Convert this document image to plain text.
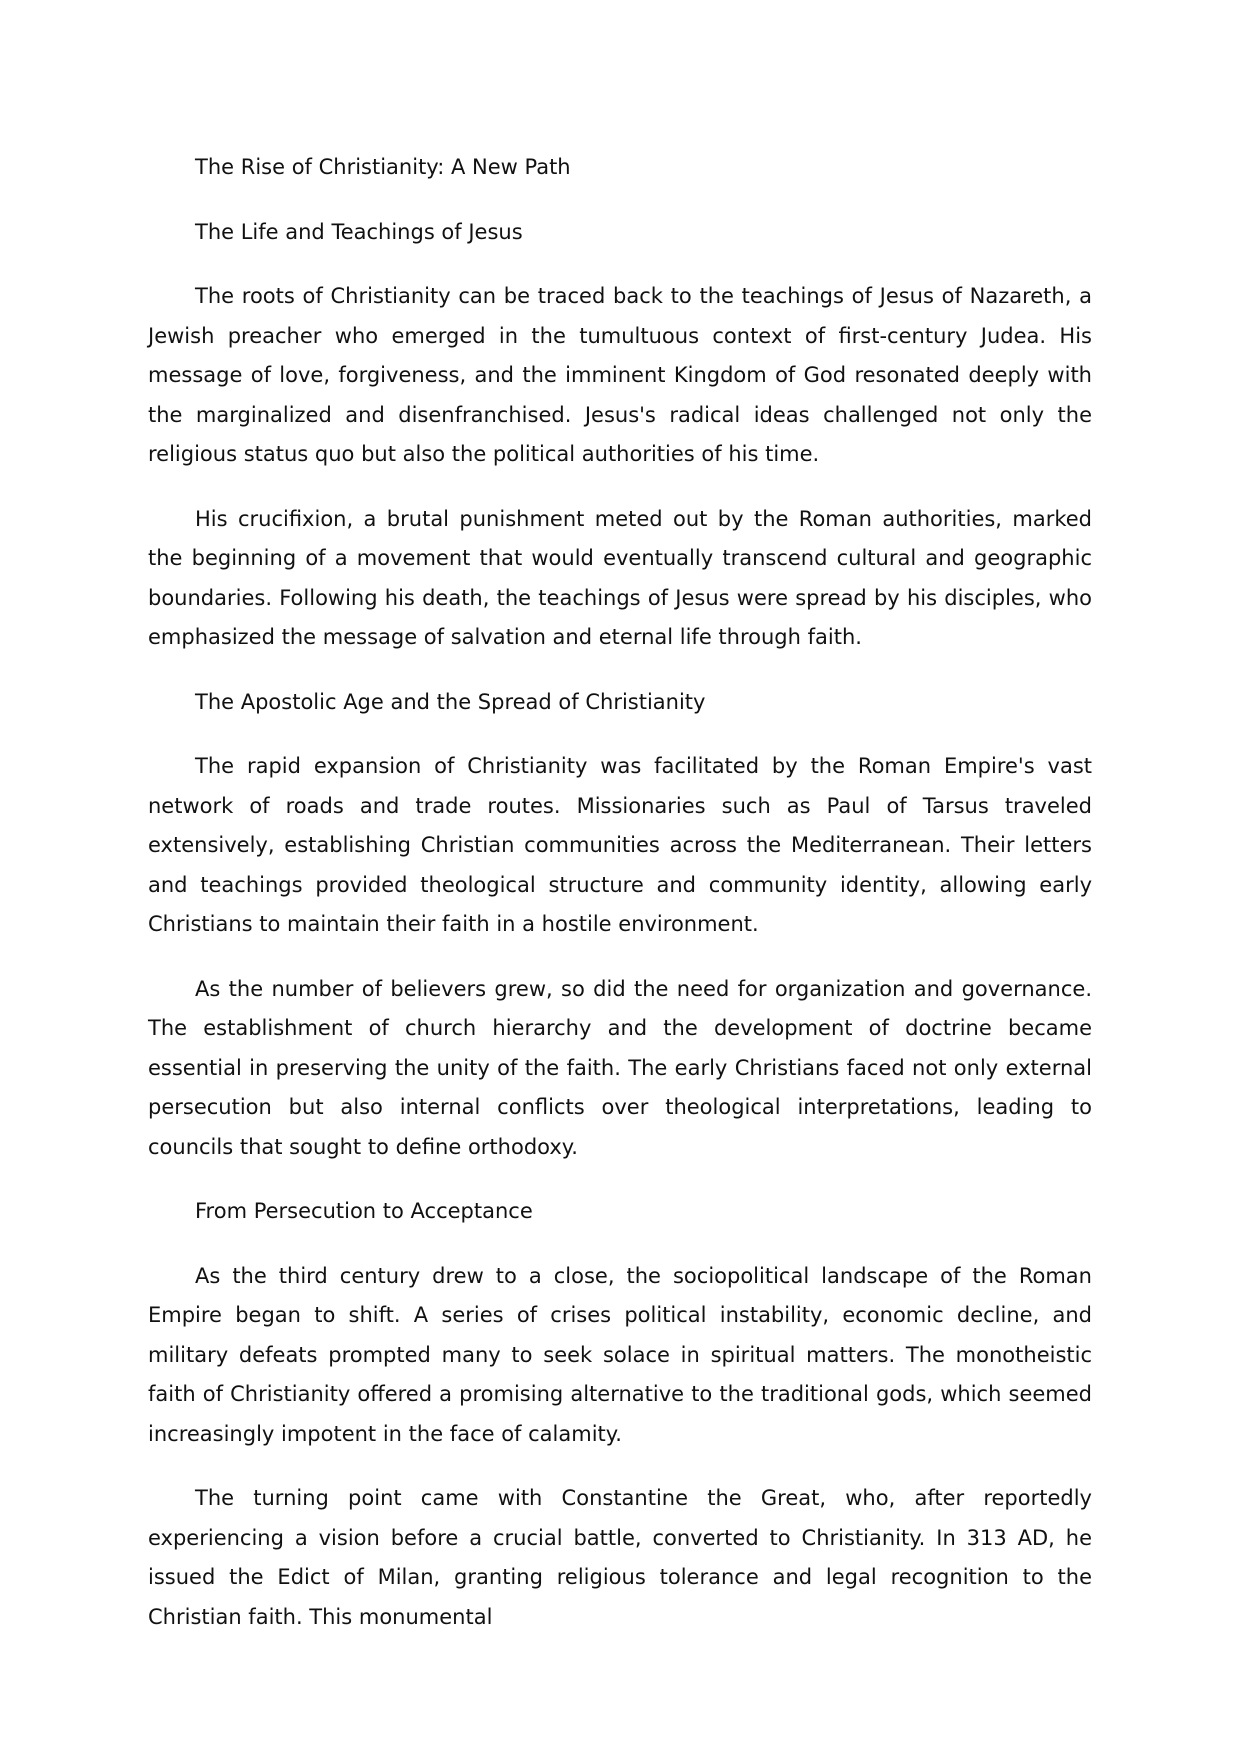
The Rise of Christianity: A New Path

The Life and Teachings of Jesus

The roots of Christianity can be traced back to the teachings of Jesus of Nazareth, a Jewish preacher who emerged in the tumultuous context of first-century Judea. His message of love, forgiveness, and the imminent Kingdom of God resonated deeply with the marginalized and disenfranchised. Jesus's radical ideas challenged not only the religious status quo but also the political authorities of his time.

His crucifixion, a brutal punishment meted out by the Roman authorities, marked the beginning of a movement that would eventually transcend cultural and geographic boundaries. Following his death, the teachings of Jesus were spread by his disciples, who emphasized the message of salvation and eternal life through faith.

The Apostolic Age and the Spread of Christianity

The rapid expansion of Christianity was facilitated by the Roman Empire's vast network of roads and trade routes. Missionaries such as Paul of Tarsus traveled extensively, establishing Christian communities across the Mediterranean. Their letters and teachings provided theological structure and community identity, allowing early Christians to maintain their faith in a hostile environment.

As the number of believers grew, so did the need for organization and governance. The establishment of church hierarchy and the development of doctrine became essential in preserving the unity of the faith. The early Christians faced not only external persecution but also internal conflicts over theological interpretations, leading to councils that sought to define orthodoxy.

From Persecution to Acceptance

As the third century drew to a close, the sociopolitical landscape of the Roman Empire began to shift. A series of crises political instability, economic decline, and military defeats prompted many to seek solace in spiritual matters. The monotheistic faith of Christianity offered a promising alternative to the traditional gods, which seemed increasingly impotent in the face of calamity.

The turning point came with Constantine the Great, who, after reportedly experiencing a vision before a crucial battle, converted to Christianity. In 313 AD, he issued the Edict of Milan, granting religious tolerance and legal recognition to the Christian faith. This monumental
